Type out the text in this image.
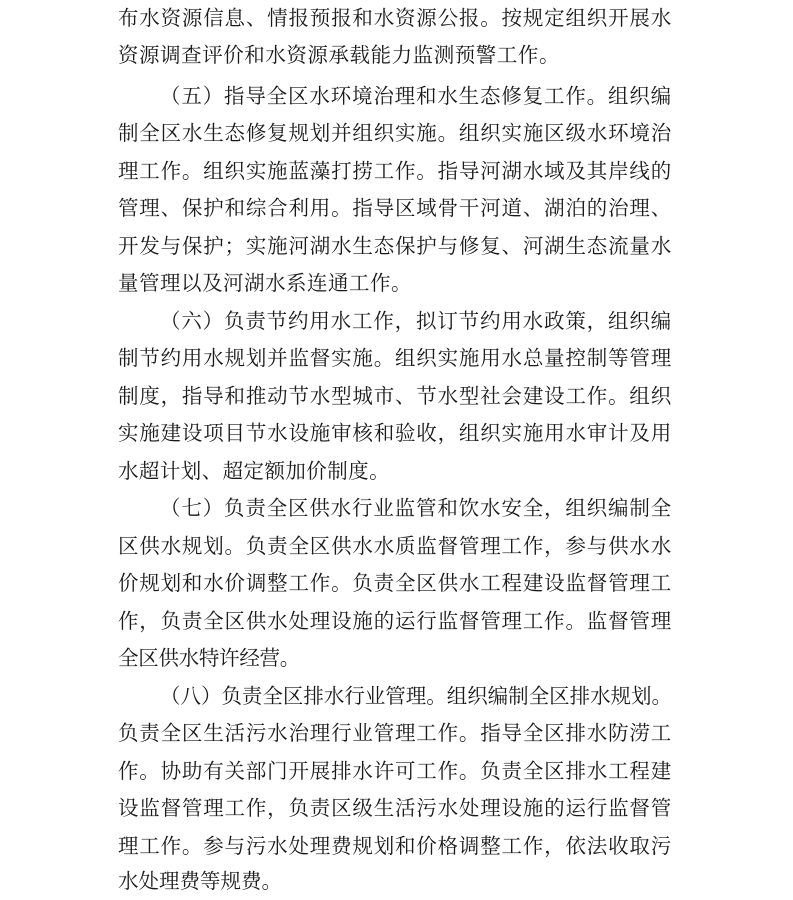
布水资源信息、情报预报和水资源公报。按规定组织开展水
资源调查评价和水资源承载能力监测预警工作。
（五）指导全区水环境治理和水生态修复工作。组织编
制全区水生态修复规划并组织实施。组织实施区级水环境治
理工作。组织实施蓝藻打捞工作。指导河湖水域及其岸线的
管理、保护和综合利用。指导区域骨干河道、湖泊的治理、
开发与保护；实施河湖水生态保护与修复、河湖生态流量水
量管理以及河湖水系连通工作。
（六）负责节约用水工作，拟订节约用水政策，组织编
制节约用水规划并监督实施。组织实施用水总量控制等管理
制度，指导和推动节水型城市、节水型社会建设工作。组织
实施建设项目节水设施审核和验收，组织实施用水审计及用
水超计划、超定额加价制度。
（七）负责全区供水行业监管和饮水安全，组织编制全
区供水规划。负责全区供水水质监督管理工作，参与供水水
价规划和水价调整工作。负责全区供水工程建设监督管理工
作，负责全区供水处理设施的运行监督管理工作。监督管理
全区供水特许经营。
（八）负责全区排水行业管理。组织编制全区排水规划。
负责全区生活污水治理行业管理工作。指导全区排水防涝工
作。协助有关部门开展排水许可工作。负责全区排水工程建
设监督管理工作，负责区级生活污水处理设施的运行监督管
理工作。参与污水处理费规划和价格调整工作，依法收取污
水处理费等规费。
